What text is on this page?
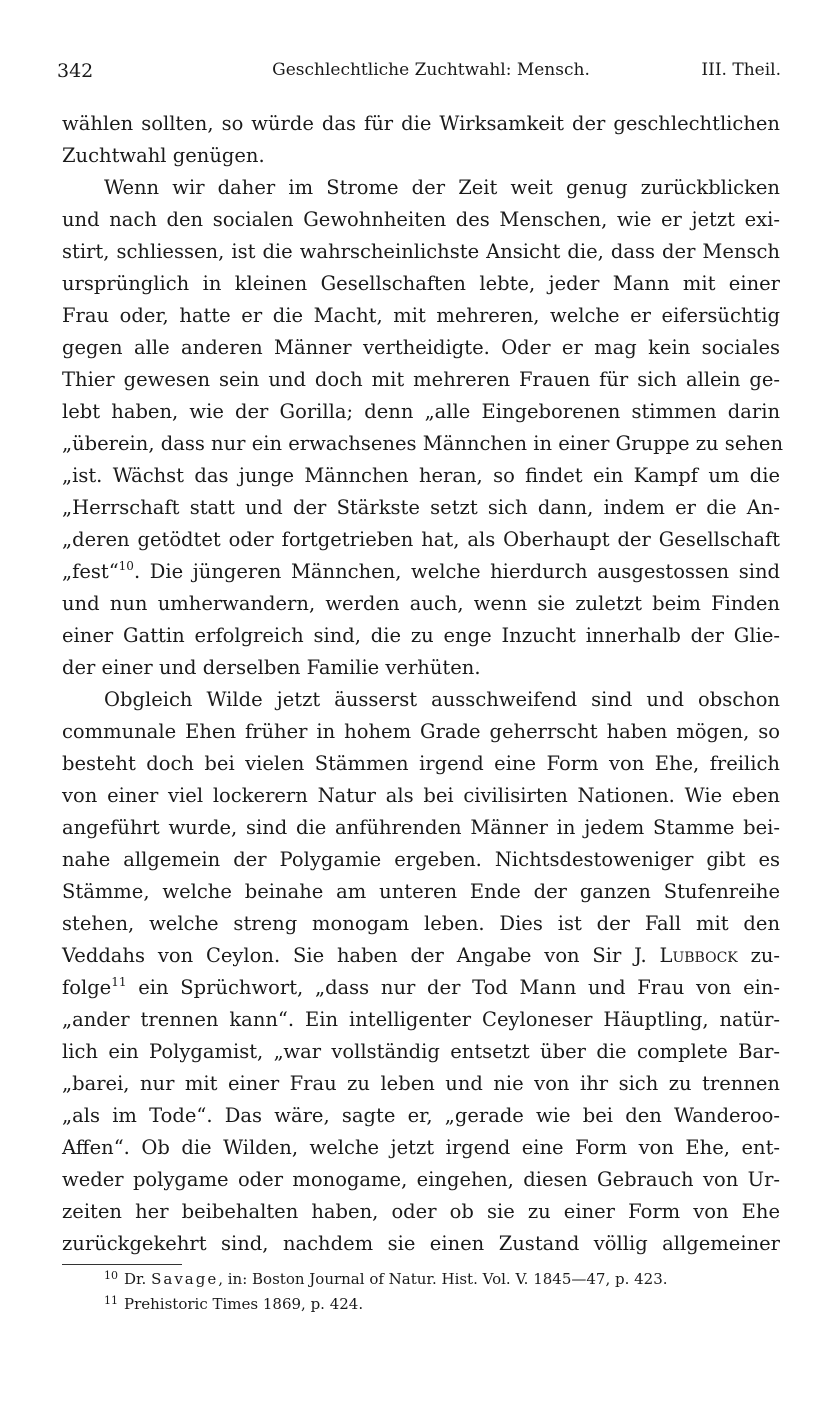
342	Geschlechtliche Zuchtwahl: Mensch.	III. Theil.
wählen sollten, so würde das für die Wirksamkeit der geschlechtlichen
Zuchtwahl genügen.
Wenn wir daher im Strome der Zeit weit genug zurückblicken
und nach den socialen Gewohnheiten des Menschen, wie er jetzt exi-
stirt, schliessen, ist die wahrscheinlichste Ansicht die, dass der Mensch
ursprünglich in kleinen Gesellschaften lebte, jeder Mann mit einer
Frau oder, hatte er die Macht, mit mehreren, welche er eifersüchtig
gegen alle anderen Männer vertheidigte. Oder er mag kein sociales
Thier gewesen sein und doch mit mehreren Frauen für sich allein ge-
lebt haben, wie der Gorilla; denn „alle Eingeborenen stimmen darin
„überein, dass nur ein erwachsenes Männchen in einer Gruppe zu sehen
„ist. Wächst das junge Männchen heran, so findet ein Kampf um die
„Herrschaft statt und der Stärkste setzt sich dann, indem er die An-
„deren getödtet oder fortgetrieben hat, als Oberhaupt der Gesellschaft
„fest“$^{10}$. Die jüngeren Männchen, welche hierdurch ausgestossen sind
und nun umherwandern, werden auch, wenn sie zuletzt beim Finden
einer Gattin erfolgreich sind, die zu enge Inzucht innerhalb der Glie-
der einer und derselben Familie verhüten.
Obgleich Wilde jetzt äusserst ausschweifend sind und obschon
communale Ehen früher in hohem Grade geherrscht haben mögen, so
besteht doch bei vielen Stämmen irgend eine Form von Ehe, freilich
von einer viel lockerern Natur als bei civilisirten Nationen. Wie eben
angeführt wurde, sind die anführenden Männer in jedem Stamme bei-
nahe allgemein der Polygamie ergeben. Nichtsdestoweniger gibt es
Stämme, welche beinahe am unteren Ende der ganzen Stufenreihe
stehen, welche streng monogam leben. Dies ist der Fall mit den
Veddahs von Ceylon. Sie haben der Angabe von Sir J. Lubbock zu-
folge$^{11}$ ein Sprüchwort, „dass nur der Tod Mann und Frau von ein-
„ander trennen kann“. Ein intelligenter Ceyloneser Häuptling, natür-
lich ein Polygamist, „war vollständig entsetzt über die complete Bar-
„barei, nur mit einer Frau zu leben und nie von ihr sich zu trennen
„als im Tode“. Das wäre, sagte er, „gerade wie bei den Wanderoo-
Affen“. Ob die Wilden, welche jetzt irgend eine Form von Ehe, ent-
weder polygame oder monogame, eingehen, diesen Gebrauch von Ur-
zeiten her beibehalten haben, oder ob sie zu einer Form von Ehe
zurückgekehrt sind, nachdem sie einen Zustand völlig allgemeiner
$^{10}$ Dr. Savage, in: Boston Journal of Natur. Hist. Vol. V. 1845—47, p. 423.
$^{11}$ Prehistoric Times 1869, p. 424.
